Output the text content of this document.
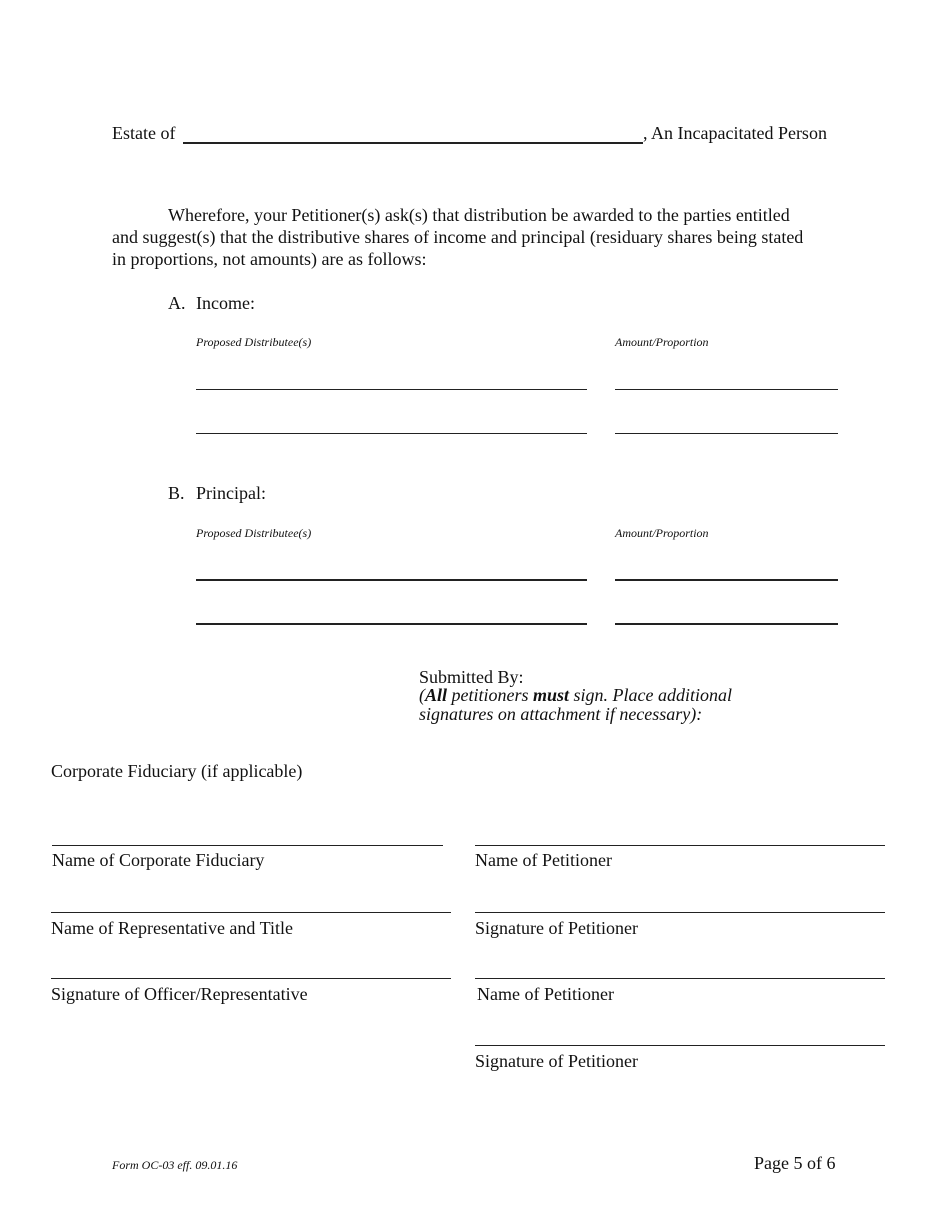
Estate of	, An Incapacitated Person
Wherefore, your Petitioner(s) ask(s) that distribution be awarded to the parties entitled
and suggest(s) that the distributive shares of income and principal (residuary shares being stated
in proportions, not amounts) are as follows:
A. Income:
Proposed Distributee(s)	Amount/Proportion
B. Principal:
Proposed Distributee(s)	Amount/Proportion
Submitted By:
(All petitioners must sign. Place additional
signatures on attachment if necessary):
Corporate Fiduciary (if applicable)
Name of Corporate Fiduciary
Name of Representative and Title
Signature of Officer/Representative
Name of Petitioner
Signature of Petitioner
Name of Petitioner
Signature of Petitioner
Form OC-03 eff. 09.01.16	Page 5 of 6
